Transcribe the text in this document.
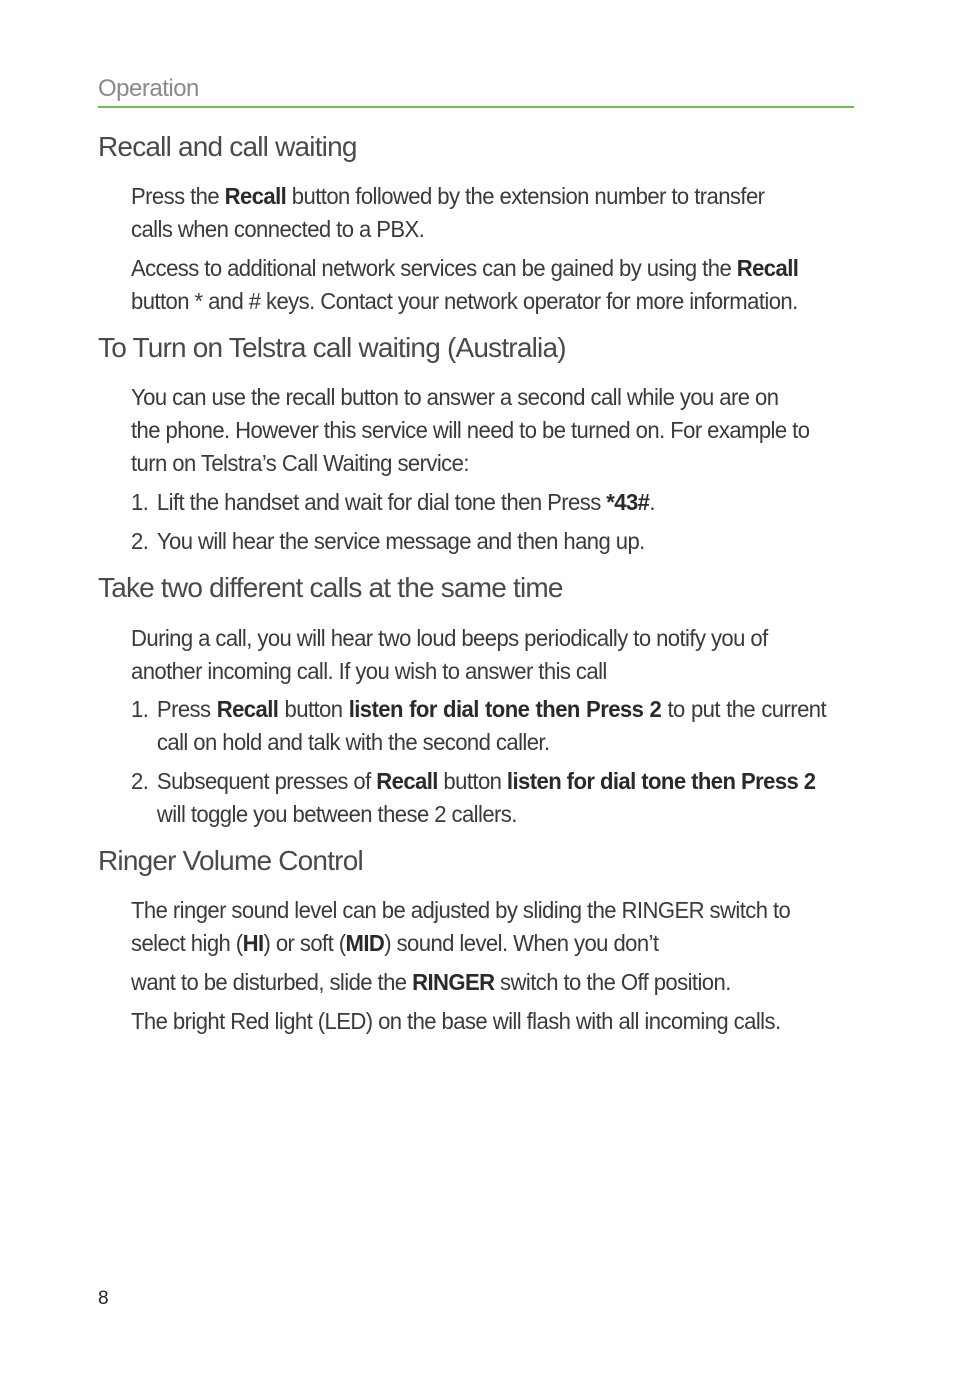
Operation
Recall and call waiting

Press the Recall button followed by the extension number to transfer
calls when connected to a PBX.

Access to additional network services can be gained by using the Recall
button * and # keys. Contact your network operator for more information.

To Turn on Telstra call waiting (Australia)

You can use the recall button to answer a second call while you are on
the phone. However this service will need to be turned on. For example to
turn on Telstra’s Call Waiting service:

1. Lift the handset and wait for dial tone then Press *43#.
2. You will hear the service message and then hang up.
Take two different calls at the same time

During a call, you will hear two loud beeps periodically to notify you of
another incoming call. If you wish to answer this call

1. Press Recall button listen for dial tone then Press 2 to put the current call on hold and talk with the second caller.
2. Subsequent presses of Recall button listen for dial tone then Press 2 will toggle you between these 2 callers.
Ringer Volume Control

The ringer sound level can be adjusted by sliding the RINGER switch to
select high (HI) or soft (MID) sound level. When you don’t

want to be disturbed, slide the RINGER switch to the Off position.

The bright Red light (LED) on the base will flash with all incoming calls.

8
